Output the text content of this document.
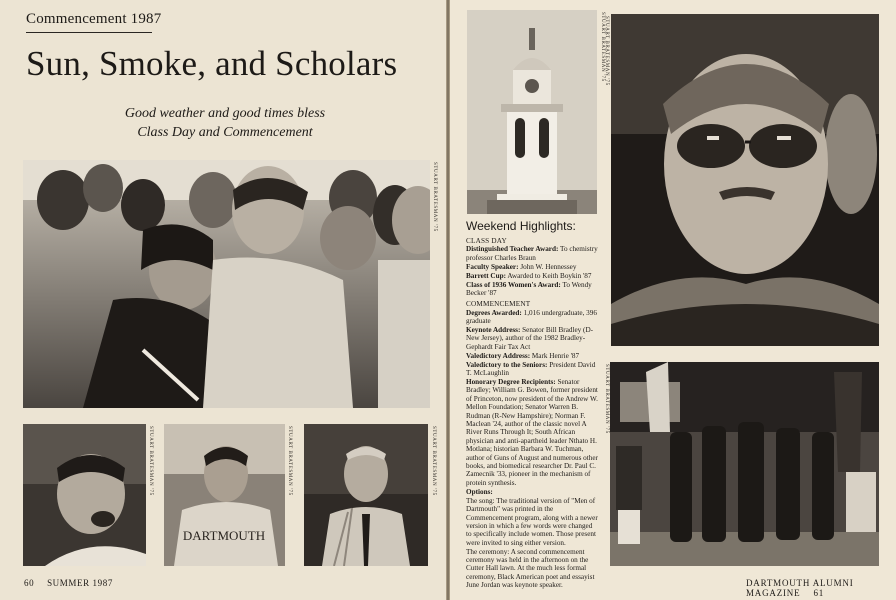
Commencement 1987
Sun, Smoke, and Scholars
Good weather and good times bless
Class Day and Commencement
STUART BRATESMAN '75
STUART BRATESMAN '75
DARTMOUTH
STUART BRATESMAN '75	STUART BRATESMAN '75
60 SUMMER 1987
STUART BRATESMAN '75 STUART BRATESMAN '75
STUART BRATESMAN '75
DARTMOUTH ALUMNI MAGAZINE 61
Weekend Highlights:
CLASS DAY
Distinguished Teacher Award: To chemistry professor Charles Braun
Faculty Speaker: John W. Hennessey
Barrett Cup: Awarded to Keith Boykin '87
Class of 1936 Women's Award: To Wendy Becker '87
COMMENCEMENT
Degrees Awarded: 1,016 undergraduate, 396 graduate
Keynote Address: Senator Bill Bradley (D-New Jersey), author of the 1982 Bradley-Gephardt Fair Tax Act
Valedictory Address: Mark Henrie '87
Valedictory to the Seniors: President David T. McLaughlin
Honorary Degree Recipients: Senator Bradley; William G. Bowen, former president of Princeton, now president of the Andrew W. Mellon Foundation; Senator Warren B. Rudman (R-New Hampshire); Norman F. Maclean '24, author of the classic novel A River Runs Through It; South African physician and anti-apartheid leader Nthato H. Motlana; historian Barbara W. Tuchman, author of Guns of August and numerous other books, and biomedical researcher Dr. Paul C. Zamecnik '33, pioneer in the mechanism of protein synthesis.
Options:
The song: The traditional version of "Men of Dartmouth" was printed in the Commencement program, along with a newer version in which a few words were changed to specifically include women. Those present were invited to sing either version.
The ceremony: A second commencement ceremony was held in the afternoon on the Cutter Hall lawn. At the much less formal ceremony, Black American poet and essayist June Jordan was keynote speaker.
